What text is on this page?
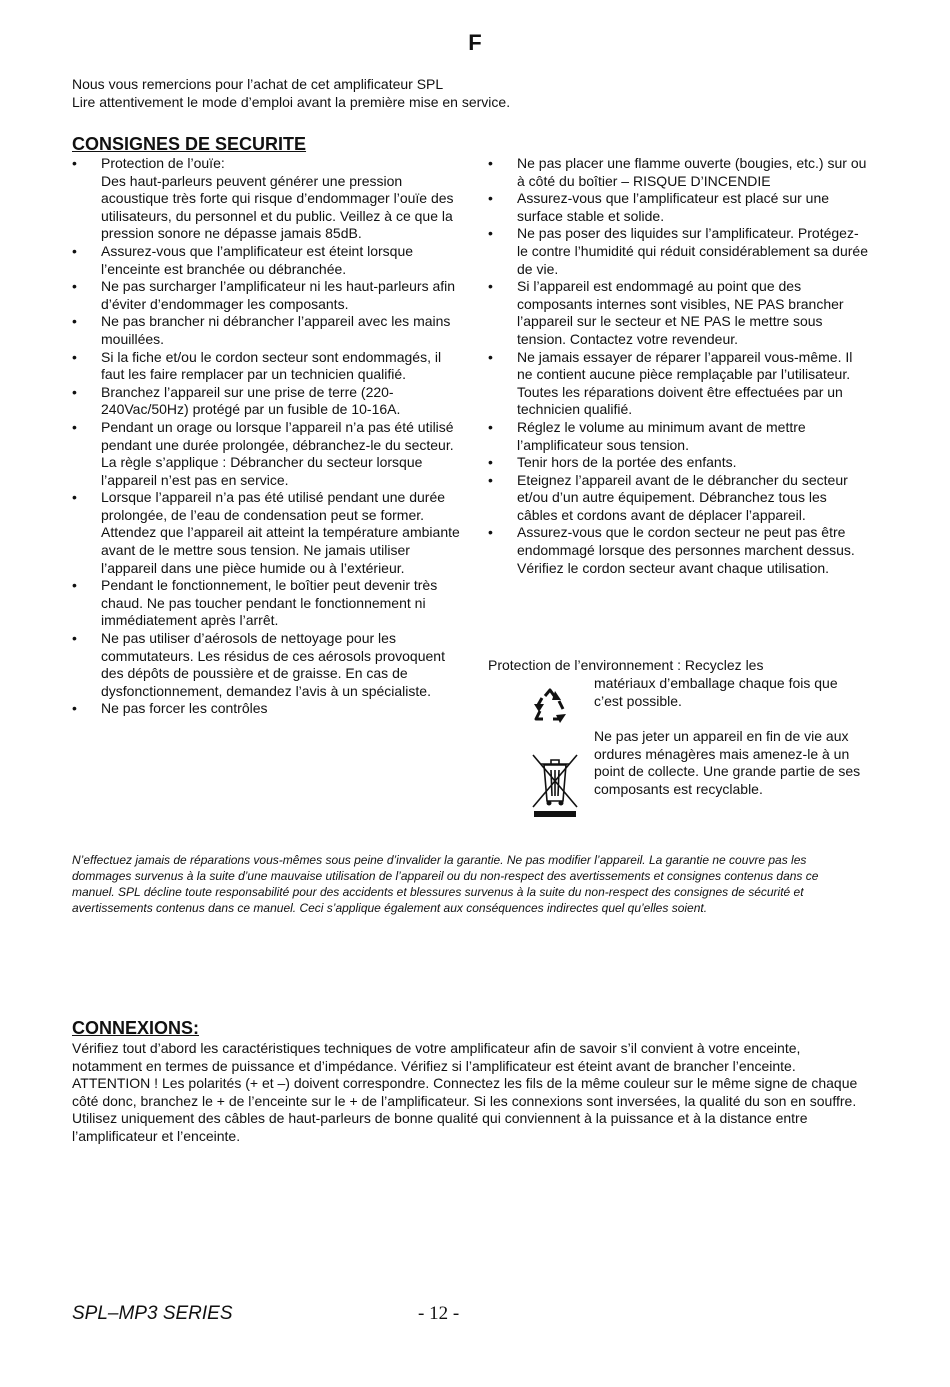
F
Nous vous remercions pour l’achat de cet amplificateur SPL
Lire attentivement le mode d’emploi avant la première mise en service.
CONSIGNES DE SECURITE
• Protection de l’ouïe:
Des haut-parleurs peuvent générer une pression acoustique très forte qui risque d’endommager l’ouïe des utilisateurs, du personnel et du public. Veillez à ce que la pression sonore ne dépasse jamais 85dB.
• Assurez-vous que l’amplificateur est éteint lorsque l’enceinte est branchée ou débranchée.
• Ne pas surcharger l’amplificateur ni les haut-parleurs afin d’éviter d’endommager les composants.
• Ne pas brancher ni débrancher l’appareil avec les mains mouillées.
• Si la fiche et/ou le cordon secteur sont endommagés, il faut les faire remplacer par un technicien qualifié.
• Branchez l’appareil sur une prise de terre (220-240Vac/50Hz) protégé par un fusible de 10-16A.
• Pendant un orage ou lorsque l’appareil n’a pas été utilisé pendant une durée prolongée, débranchez-le du secteur. La règle s’applique : Débrancher du secteur lorsque l’appareil n’est pas en service.
• Lorsque l’appareil n’a pas été utilisé pendant une durée prolongée, de l’eau de condensation peut se former. Attendez que l’appareil ait atteint la température ambiante avant de le mettre sous tension. Ne jamais utiliser l’appareil dans une pièce humide ou à l’extérieur.
• Pendant le fonctionnement, le boîtier peut devenir très chaud. Ne pas toucher pendant le fonctionnement ni immédiatement après l’arrêt.
• Ne pas utiliser d’aérosols de nettoyage pour les commutateurs. Les résidus de ces aérosols provoquent des dépôts de poussière et de graisse. En cas de dysfonctionnement, demandez l’avis à un spécialiste.
• Ne pas forcer les contrôles
• Ne pas placer une flamme ouverte (bougies, etc.) sur ou à côté du boîtier – RISQUE D’INCENDIE
• Assurez-vous que l’amplificateur est placé sur une surface stable et solide.
• Ne pas poser des liquides sur l’amplificateur. Protégez-le contre l’humidité qui réduit considérablement sa durée de vie.
• Si l’appareil est endommagé au point que des composants internes sont visibles, NE PAS brancher l’appareil sur le secteur et NE PAS le mettre sous tension. Contactez votre revendeur.
• Ne jamais essayer de réparer l’appareil vous-même. Il ne contient aucune pièce remplaçable par l’utilisateur. Toutes les réparations doivent être effectuées par un technicien qualifié.
• Réglez le volume au minimum avant de mettre l’amplificateur sous tension.
• Tenir hors de la portée des enfants.
• Eteignez l’appareil avant de le débrancher du secteur et/ou d’un autre équipement. Débranchez tous les câbles et cordons avant de déplacer l’appareil.
• Assurez-vous que le cordon secteur ne peut pas être endommagé lorsque des personnes marchent dessus. Vérifiez le cordon secteur avant chaque utilisation.
Protection de l’environnement : Recyclez les
matériaux d’emballage chaque fois que c’est possible.
Ne pas jeter un appareil en fin de vie aux ordures ménagères mais amenez-le à un point de collecte. Une grande partie de ses composants est recyclable.
N’effectuez jamais de réparations vous-mêmes sous peine d’invalider la garantie. Ne pas modifier l’appareil. La garantie ne couvre pas les dommages survenus à la suite d’une mauvaise utilisation de l’appareil ou du non-respect des avertissements et consignes contenus dans ce manuel. SPL décline toute responsabilité pour des accidents et blessures survenus à la suite du non-respect des consignes de sécurité et avertissements contenus dans ce manuel. Ceci s’applique également aux conséquences indirectes quel qu’elles soient.
CONNEXIONS:

Vérifiez tout d’abord les caractéristiques techniques de votre amplificateur afin de savoir s’il convient à votre enceinte, notamment en termes de puissance et d’impédance. Vérifiez si l’amplificateur est éteint avant de brancher l’enceinte. ATTENTION ! Les polarités (+ et –) doivent correspondre. Connectez les fils de la même couleur sur le même signe de chaque côté donc, branchez le + de l’enceinte sur le + de l’amplificateur. Si les connexions sont inversées, la qualité du son en souffre.

Utilisez uniquement des câbles de haut-parleurs de bonne qualité qui conviennent à la puissance et à la distance entre l’amplificateur et l’enceinte.

SPL–MP3 SERIES	- 12 -
